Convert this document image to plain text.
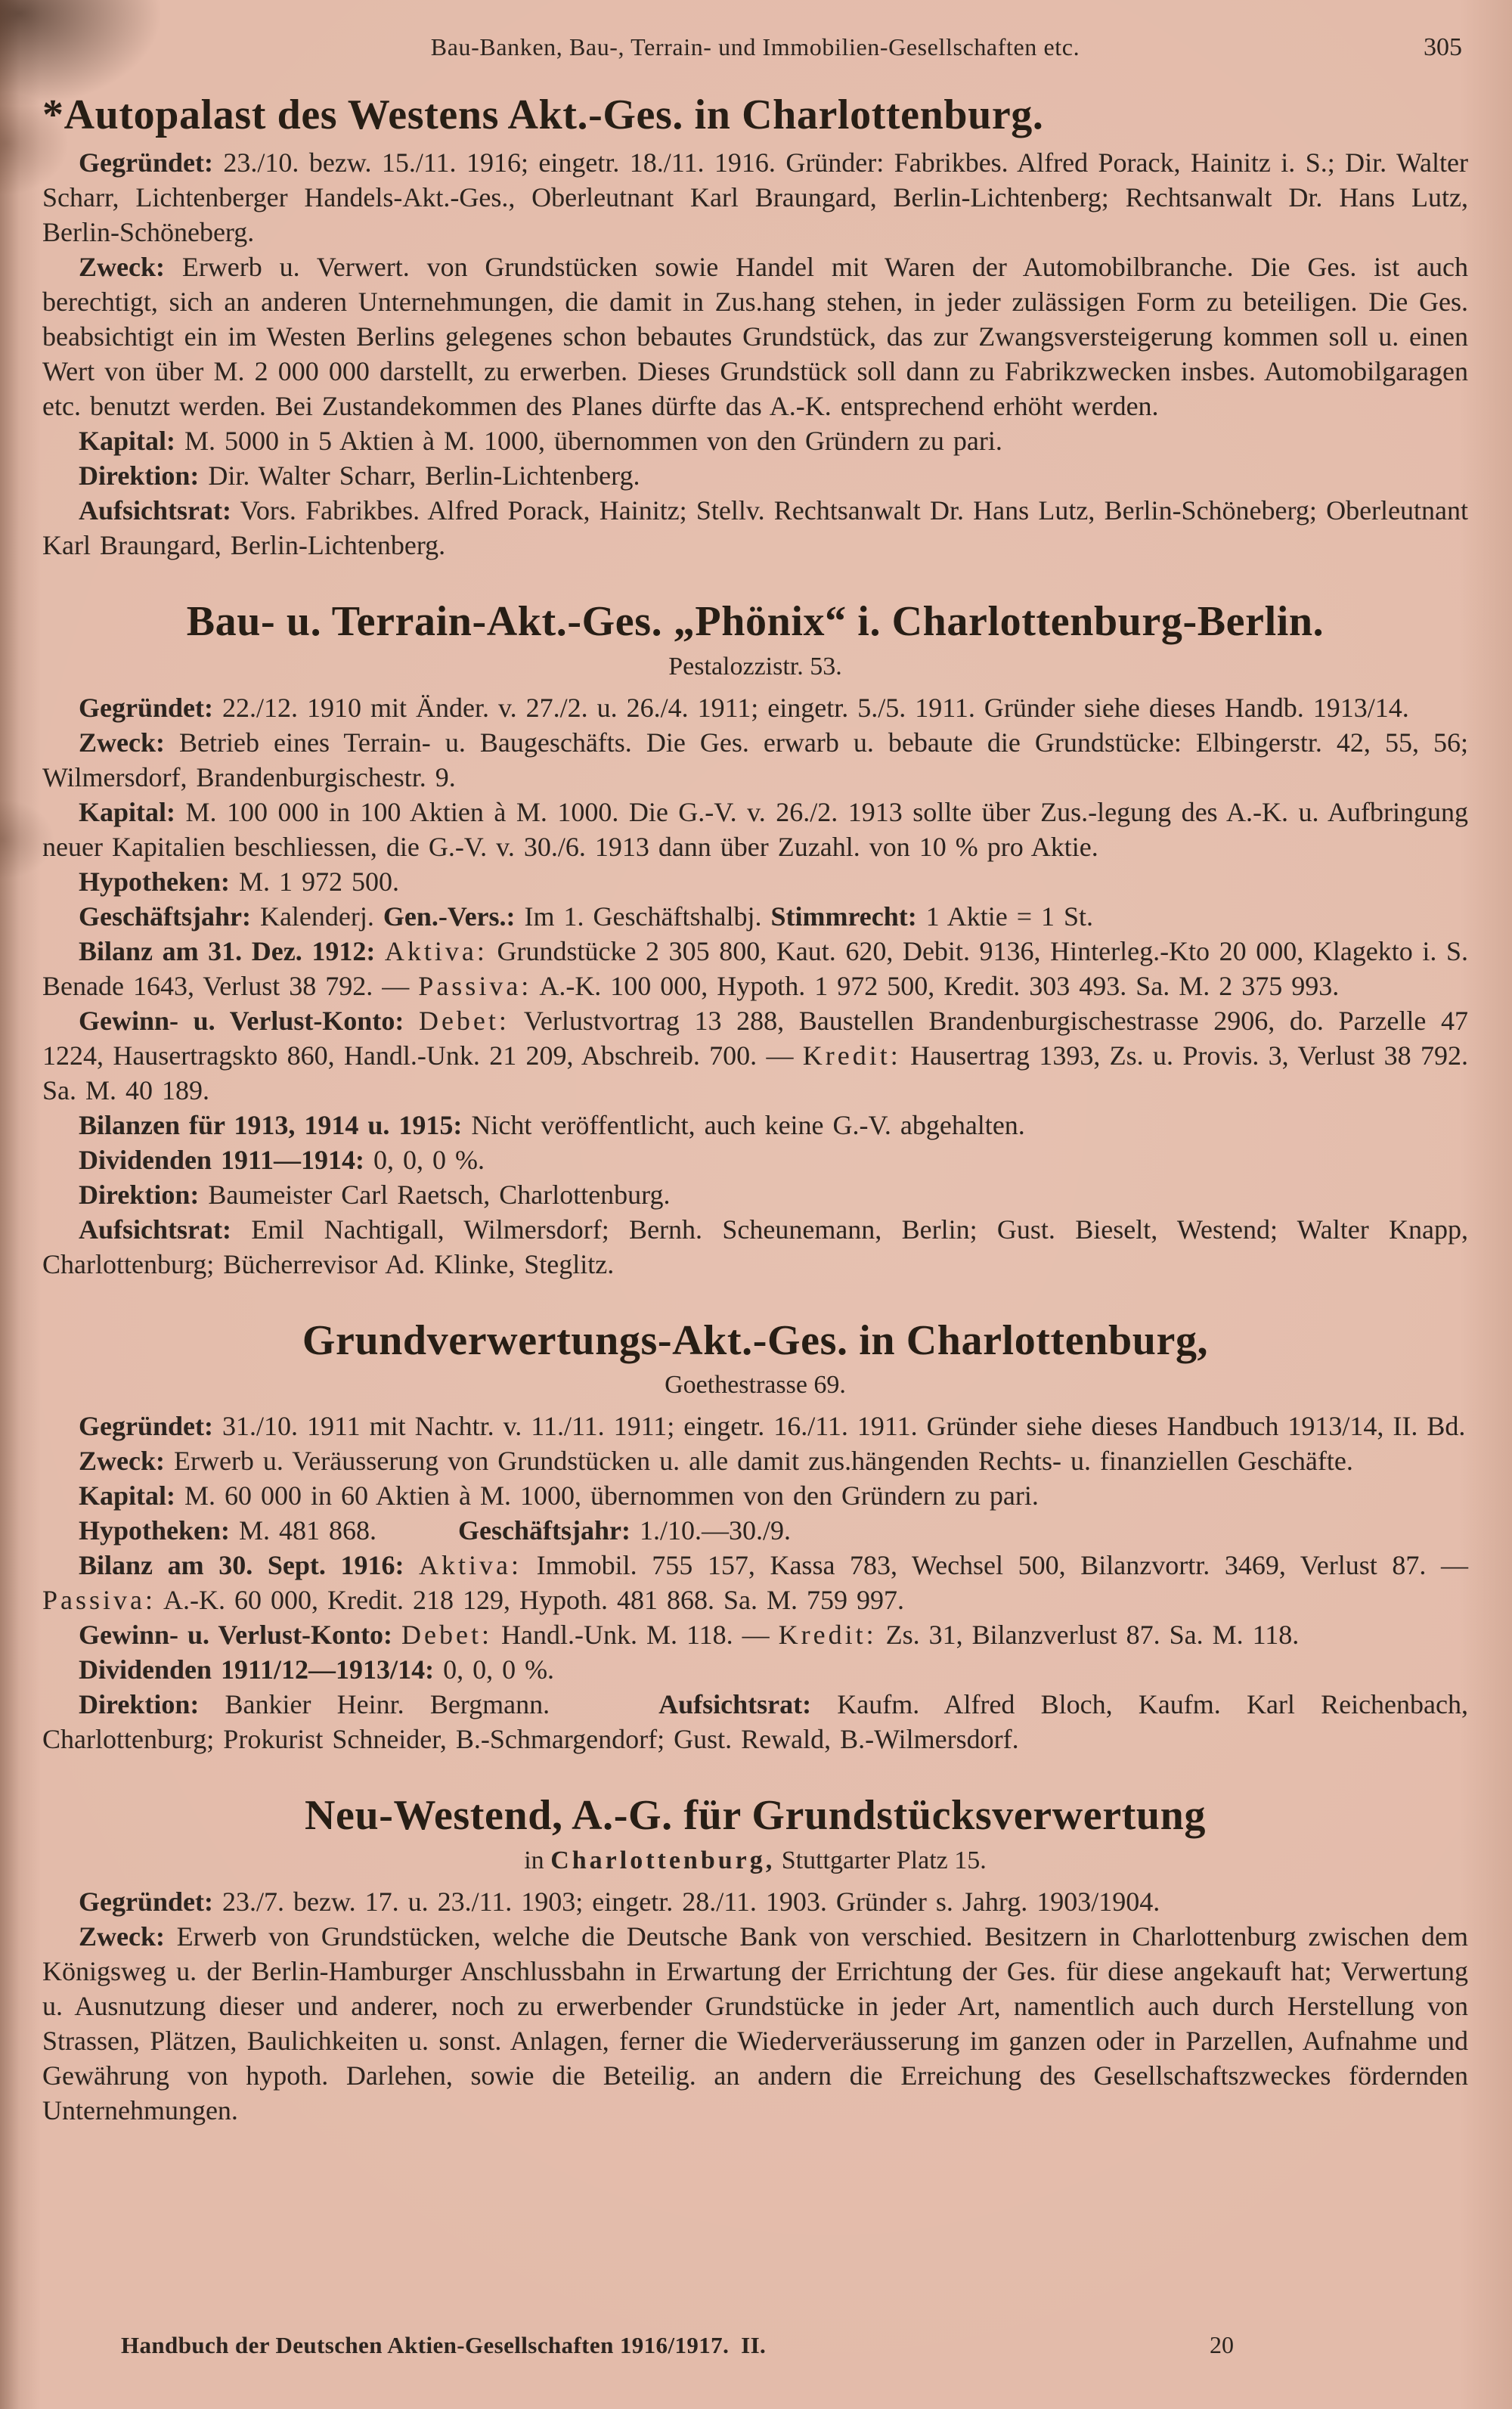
Bau-Banken, Bau-, Terrain- und Immobilien-Gesellschaften etc.	305
*Autopalast des Westens Akt.-Ges. in Charlottenburg.

Gegründet: 23./10. bezw. 15./11. 1916; eingetr. 18./11. 1916. Gründer: Fabrikbes. Alfred Porack, Hainitz i. S.; Dir. Walter Scharr, Lichtenberger Handels-Akt.-Ges., Oberleutnant Karl Braungard, Berlin-Lichtenberg; Rechtsanwalt Dr. Hans Lutz, Berlin-Schöneberg.

Zweck: Erwerb u. Verwert. von Grundstücken sowie Handel mit Waren der Automobilbranche. Die Ges. ist auch berechtigt, sich an anderen Unternehmungen, die damit in Zus.hang stehen, in jeder zulässigen Form zu beteiligen. Die Ges. beabsichtigt ein im Westen Berlins gelegenes schon bebautes Grundstück, das zur Zwangsversteigerung kommen soll u. einen Wert von über M. 2 000 000 darstellt, zu erwerben. Dieses Grundstück soll dann zu Fabrikzwecken insbes. Automobilgaragen etc. benutzt werden. Bei Zustandekommen des Planes dürfte das A.-K. entsprechend erhöht werden.

Kapital: M. 5000 in 5 Aktien à M. 1000, übernommen von den Gründern zu pari.

Direktion: Dir. Walter Scharr, Berlin-Lichtenberg.

Aufsichtsrat: Vors. Fabrikbes. Alfred Porack, Hainitz; Stellv. Rechtsanwalt Dr. Hans Lutz, Berlin-Schöneberg; Oberleutnant Karl Braungard, Berlin-Lichtenberg.

Bau- u. Terrain-Akt.-Ges. „Phönix“ i. Charlottenburg-Berlin.
Pestalozzistr. 53.

Gegründet: 22./12. 1910 mit Änder. v. 27./2. u. 26./4. 1911; eingetr. 5./5. 1911. Gründer siehe dieses Handb. 1913/14.

Zweck: Betrieb eines Terrain- u. Baugeschäfts. Die Ges. erwarb u. bebaute die Grundstücke: Elbingerstr. 42, 55, 56; Wilmersdorf, Brandenburgischestr. 9.

Kapital: M. 100 000 in 100 Aktien à M. 1000. Die G.-V. v. 26./2. 1913 sollte über Zus.-legung des A.-K. u. Aufbringung neuer Kapitalien beschliessen, die G.-V. v. 30./6. 1913 dann über Zuzahl. von 10 % pro Aktie.

Hypotheken: M. 1 972 500.

Geschäftsjahr: Kalenderj. Gen.-Vers.: Im 1. Geschäftshalbj. Stimmrecht: 1 Aktie = 1 St.

Bilanz am 31. Dez. 1912: Aktiva: Grundstücke 2 305 800, Kaut. 620, Debit. 9136, Hinterleg.-Kto 20 000, Klagekto i. S. Benade 1643, Verlust 38 792. — Passiva: A.-K. 100 000, Hypoth. 1 972 500, Kredit. 303 493. Sa. M. 2 375 993.

Gewinn- u. Verlust-Konto: Debet: Verlustvortrag 13 288, Baustellen Brandenburgischestrasse 2906, do. Parzelle 47 1224, Hausertragskto 860, Handl.-Unk. 21 209, Abschreib. 700. — Kredit: Hausertrag 1393, Zs. u. Provis. 3, Verlust 38 792. Sa. M. 40 189.

Bilanzen für 1913, 1914 u. 1915: Nicht veröffentlicht, auch keine G.-V. abgehalten.

Dividenden 1911—1914: 0, 0, 0 %.

Direktion: Baumeister Carl Raetsch, Charlottenburg.

Aufsichtsrat: Emil Nachtigall, Wilmersdorf; Bernh. Scheunemann, Berlin; Gust. Bieselt, Westend; Walter Knapp, Charlottenburg; Bücherrevisor Ad. Klinke, Steglitz.

Grundverwertungs-Akt.-Ges. in Charlottenburg,
Goethestrasse 69.

Gegründet: 31./10. 1911 mit Nachtr. v. 11./11. 1911; eingetr. 16./11. 1911. Gründer siehe dieses Handbuch 1913/14, II. Bd.

Zweck: Erwerb u. Veräusserung von Grundstücken u. alle damit zus.hängenden Rechts- u. finanziellen Geschäfte.

Kapital: M. 60 000 in 60 Aktien à M. 1000, übernommen von den Gründern zu pari.

Hypotheken: M. 481 868.   Geschäftsjahr: 1./10.—30./9.

Bilanz am 30. Sept. 1916: Aktiva: Immobil. 755 157, Kassa 783, Wechsel 500, Bilanzvortr. 3469, Verlust 87. — Passiva: A.-K. 60 000, Kredit. 218 129, Hypoth. 481 868. Sa. M. 759 997.

Gewinn- u. Verlust-Konto: Debet: Handl.-Unk. M. 118. — Kredit: Zs. 31, Bilanzverlust 87. Sa. M. 118.

Dividenden 1911/12—1913/14: 0, 0, 0 %.

Direktion: Bankier Heinr. Bergmann.    Aufsichtsrat: Kaufm. Alfred Bloch, Kaufm. Karl Reichenbach, Charlottenburg; Prokurist Schneider, B.-Schmargendorf; Gust. Rewald, B.-Wilmersdorf.

Neu-Westend, A.-G. für Grundstücksverwertung
in Charlottenburg, Stuttgarter Platz 15.

Gegründet: 23./7. bezw. 17. u. 23./11. 1903; eingetr. 28./11. 1903. Gründer s. Jahrg. 1903/1904.

Zweck: Erwerb von Grundstücken, welche die Deutsche Bank von verschied. Besitzern in Charlottenburg zwischen dem Königsweg u. der Berlin-Hamburger Anschlussbahn in Erwartung der Errichtung der Ges. für diese angekauft hat; Verwertung u. Ausnutzung dieser und anderer, noch zu erwerbender Grundstücke in jeder Art, namentlich auch durch Herstellung von Strassen, Plätzen, Baulichkeiten u. sonst. Anlagen, ferner die Wiederveräusserung im ganzen oder in Parzellen, Aufnahme und Gewährung von hypoth. Darlehen, sowie die Beteilig. an andern die Erreichung des Gesellschaftszweckes fördernden Unternehmungen.

Handbuch der Deutschen Aktien-Gesellschaften 1916/1917. II.	20
